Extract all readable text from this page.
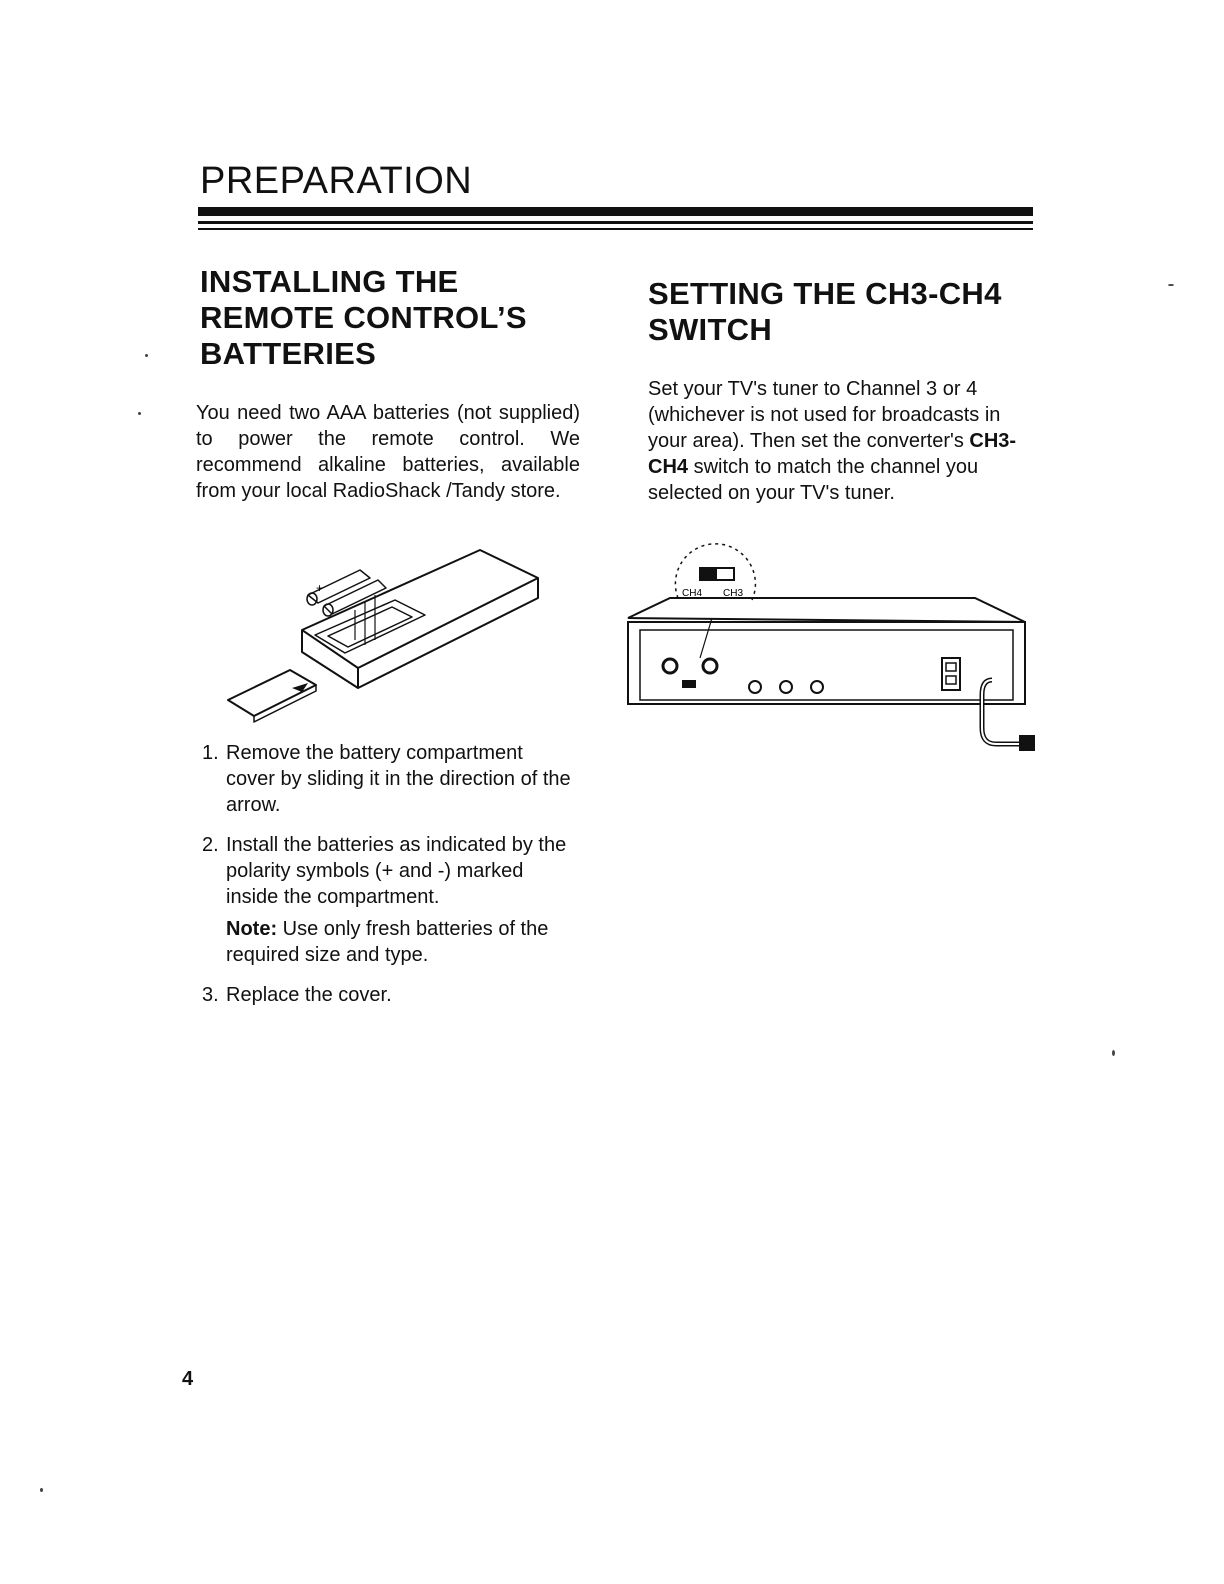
PREPARATION
INSTALLING THE REMOTE CONTROL’S BATTERIES

You need two AAA batteries (not supplied) to power the remote control. We recommend alkaline batteries, available from your local RadioShack /Tandy store.

+
1. Remove the battery compartment cover by sliding it in the direction of the arrow.
2. Install the batteries as indicated by the polarity symbols (+ and -) marked inside the compartment.
Note: Use only fresh batteries of the required size and type.
3. Replace the cover.
SETTING THE CH3-CH4 SWITCH

Set your TV's tuner to Channel 3 or 4 (whichever is not used for broadcasts in your area). Then set the converter's CH3-CH4 switch to match the channel you selected on your TV's tuner.

CH4 CH3
4
